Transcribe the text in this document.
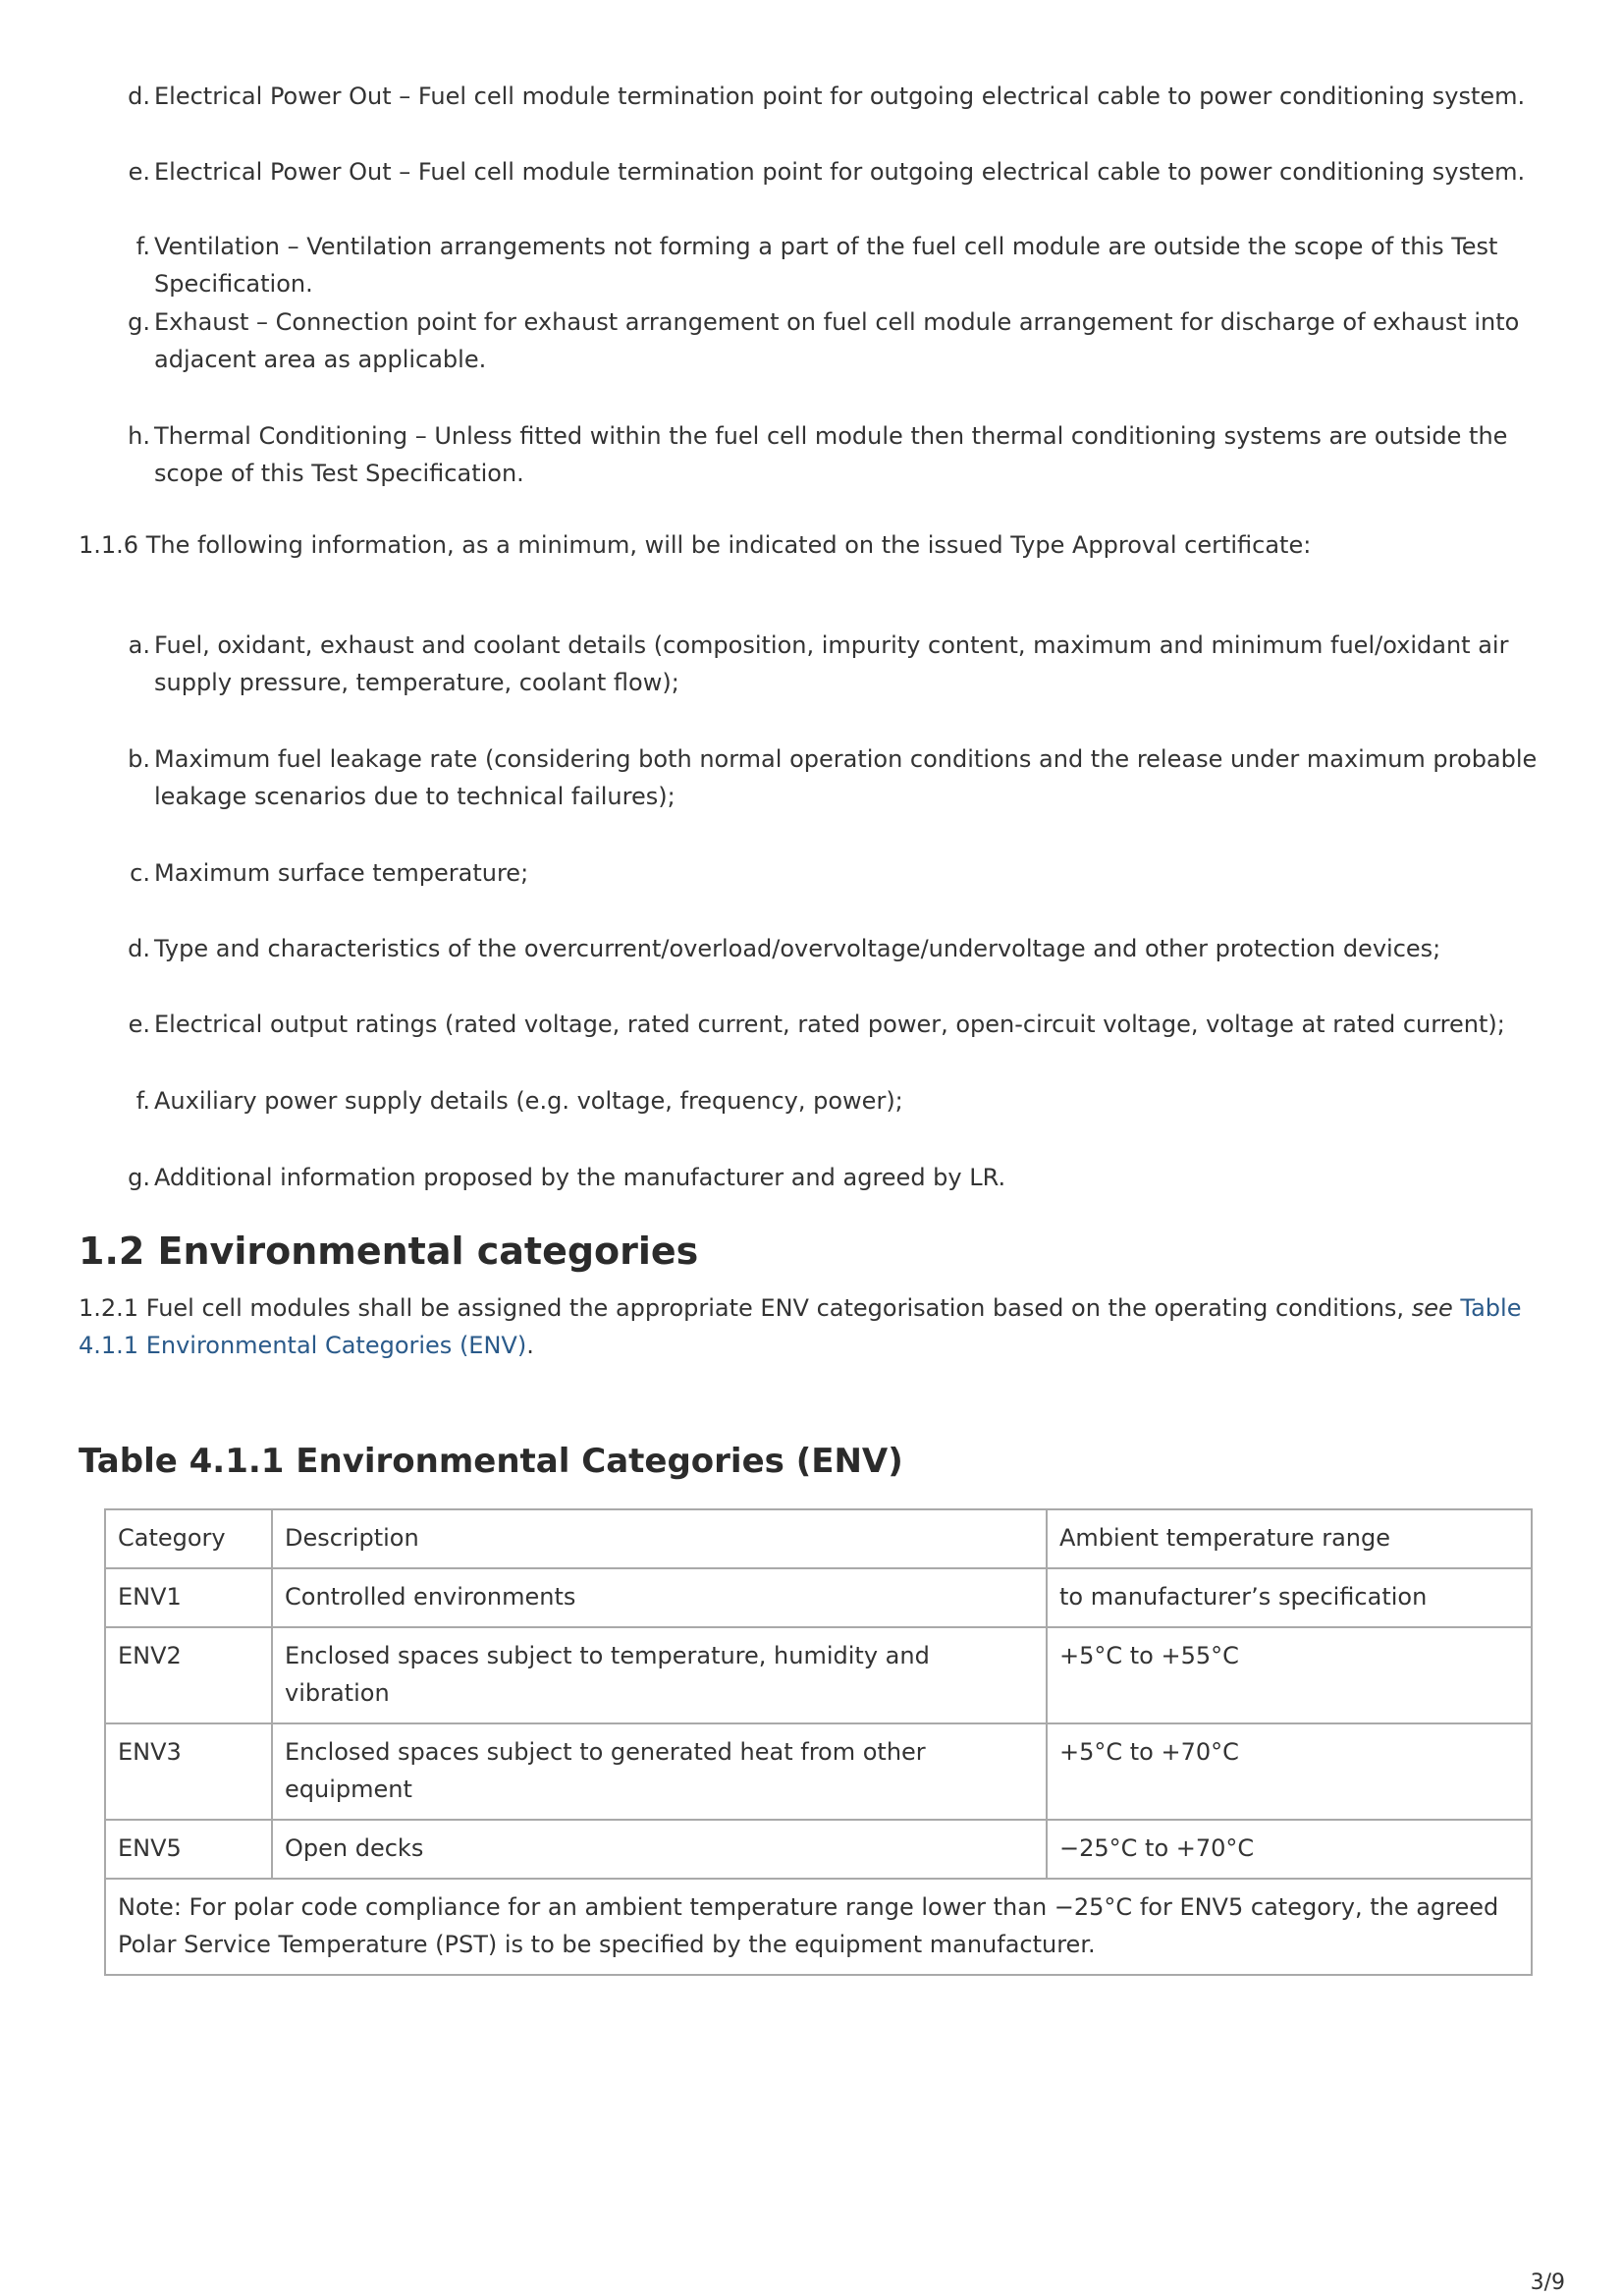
d. Electrical Power Out – Fuel cell module termination point for outgoing electrical cable to power conditioning system.
e. Electrical Power Out – Fuel cell module termination point for outgoing electrical cable to power conditioning system.
f. Ventilation – Ventilation arrangements not forming a part of the fuel cell module are outside the scope of this Test Specification.
g. Exhaust – Connection point for exhaust arrangement on fuel cell module arrangement for discharge of exhaust into adjacent area as applicable.
h. Thermal Conditioning – Unless fitted within the fuel cell module then thermal conditioning systems are outside the scope of this Test Specification.
1.1.6 The following information, as a minimum, will be indicated on the issued Type Approval certificate:
a. Fuel, oxidant, exhaust and coolant details (composition, impurity content, maximum and minimum fuel/oxidant air supply pressure, temperature, coolant flow);
b. Maximum fuel leakage rate (considering both normal operation conditions and the release under maximum probable leakage scenarios due to technical failures);
c. Maximum surface temperature;
d. Type and characteristics of the overcurrent/overload/overvoltage/undervoltage and other protection devices;
e. Electrical output ratings (rated voltage, rated current, rated power, open-circuit voltage, voltage at rated current);
f. Auxiliary power supply details (e.g. voltage, frequency, power);
g. Additional information proposed by the manufacturer and agreed by LR.
1.2 Environmental categories
1.2.1 Fuel cell modules shall be assigned the appropriate ENV categorisation based on the operating conditions, see Table 4.1.1 Environmental Categories (ENV).
Table 4.1.1 Environmental Categories (ENV)
Category	Description	Ambient temperature range
ENV1	Controlled environments	to manufacturer’s specification
ENV2	Enclosed spaces subject to temperature, humidity and vibration	+5°C to +55°C
ENV3	Enclosed spaces subject to generated heat from other equipment	+5°C to +70°C
ENV5	Open decks	−25°C to +70°C
Note: For polar code compliance for an ambient temperature range lower than −25°C for ENV5 category, the agreed Polar Service Temperature (PST) is to be specified by the equipment manufacturer.		
3/9
